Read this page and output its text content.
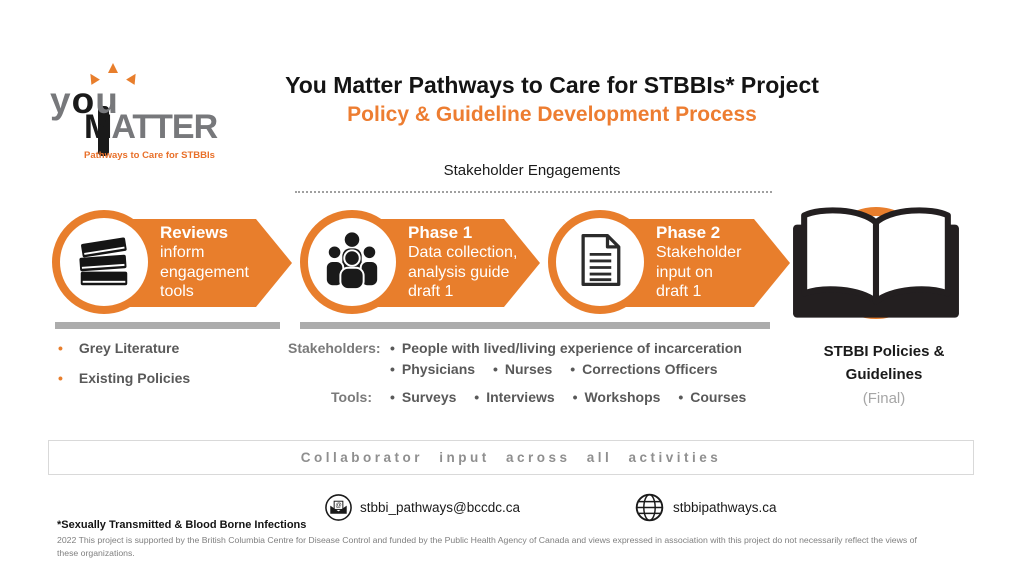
you
MATTER
Pathways to Care for STBBIs
You Matter Pathways to Care for STBBIs* Project
Policy & Guideline Development Process
Stakeholder Engagements
Reviews
inform
engagement
tools
Phase 1
Data collection,
analysis guide
draft 1
Phase 2
Stakeholder
input on
draft 1
STBBI Policies & Guidelines
(Final)
• Grey Literature
• Existing Policies
Stakeholders: • People with lived/living experience of incarceration
• Physicians • Nurses • Corrections Officers
Tools: • Surveys • Interviews • Workshops • Courses
Collaborator input across all activities
@ stbbi_pathways@bccdc.ca	stbbipathways.ca
*Sexually Transmitted & Blood Borne Infections
2022 This project is supported by the British Columbia Centre for Disease Control and funded by the Public Health Agency of Canada and views expressed in association with this project do not necessarily reflect the views of these organizations.
